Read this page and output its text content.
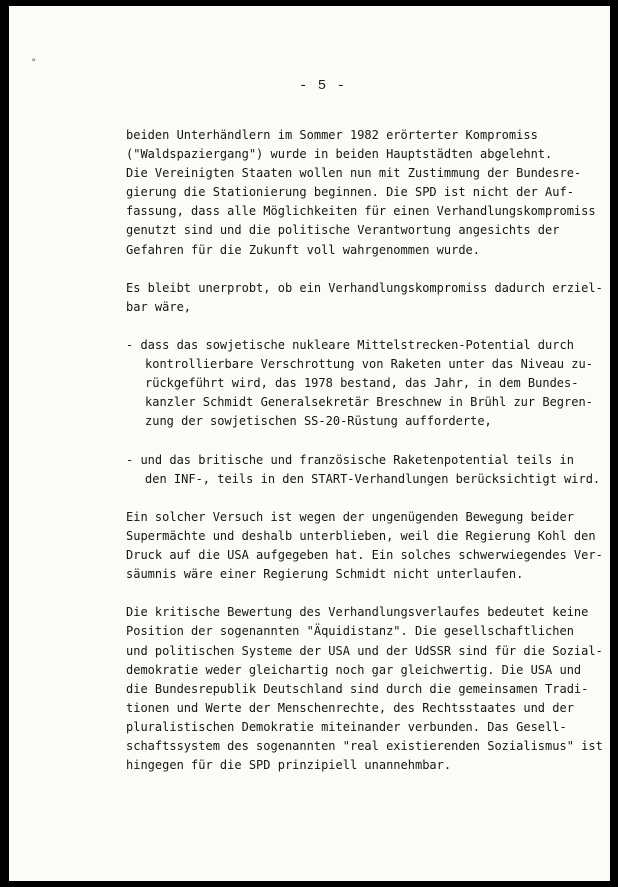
°
- 5 -
beiden Unterhändlern im Sommer 1982 erörterter Kompromiss
("Waldspaziergang") wurde in beiden Hauptstädten abgelehnt.
Die Vereinigten Staaten wollen nun mit Zustimmung der Bundesre-
gierung die Stationierung beginnen. Die SPD ist nicht der Auf-
fassung, dass alle Möglichkeiten für einen Verhandlungskompromiss
genutzt sind und die politische Verantwortung angesichts der
Gefahren für die Zukunft voll wahrgenommen wurde.
Es bleibt unerprobt, ob ein Verhandlungskompromiss dadurch erziel-
bar wäre,
- dass das sowjetische nukleare Mittelstrecken-Potential durch
kontrollierbare Verschrottung von Raketen unter das Niveau zu-
rückgeführt wird, das 1978 bestand, das Jahr, in dem Bundes-
kanzler Schmidt Generalsekretär Breschnew in Brühl zur Begren-
zung der sowjetischen SS-20-Rüstung aufforderte,
- und das britische und französische Raketenpotential teils in
den INF-, teils in den START-Verhandlungen berücksichtigt wird.
Ein solcher Versuch ist wegen der ungenügenden Bewegung beider
Supermächte und deshalb unterblieben, weil die Regierung Kohl den
Druck auf die USA aufgegeben hat. Ein solches schwerwiegendes Ver-
säumnis wäre einer Regierung Schmidt nicht unterlaufen.
Die kritische Bewertung des Verhandlungsverlaufes bedeutet keine
Position der sogenannten "Äquidistanz". Die gesellschaftlichen
und politischen Systeme der USA und der UdSSR sind für die Sozial-
demokratie weder gleichartig noch gar gleichwertig. Die USA und
die Bundesrepublik Deutschland sind durch die gemeinsamen Tradi-
tionen und Werte der Menschenrechte, des Rechtsstaates und der
pluralistischen Demokratie miteinander verbunden. Das Gesell-
schaftssystem des sogenannten "real existierenden Sozialismus" ist
hingegen für die SPD prinzipiell unannehmbar.
